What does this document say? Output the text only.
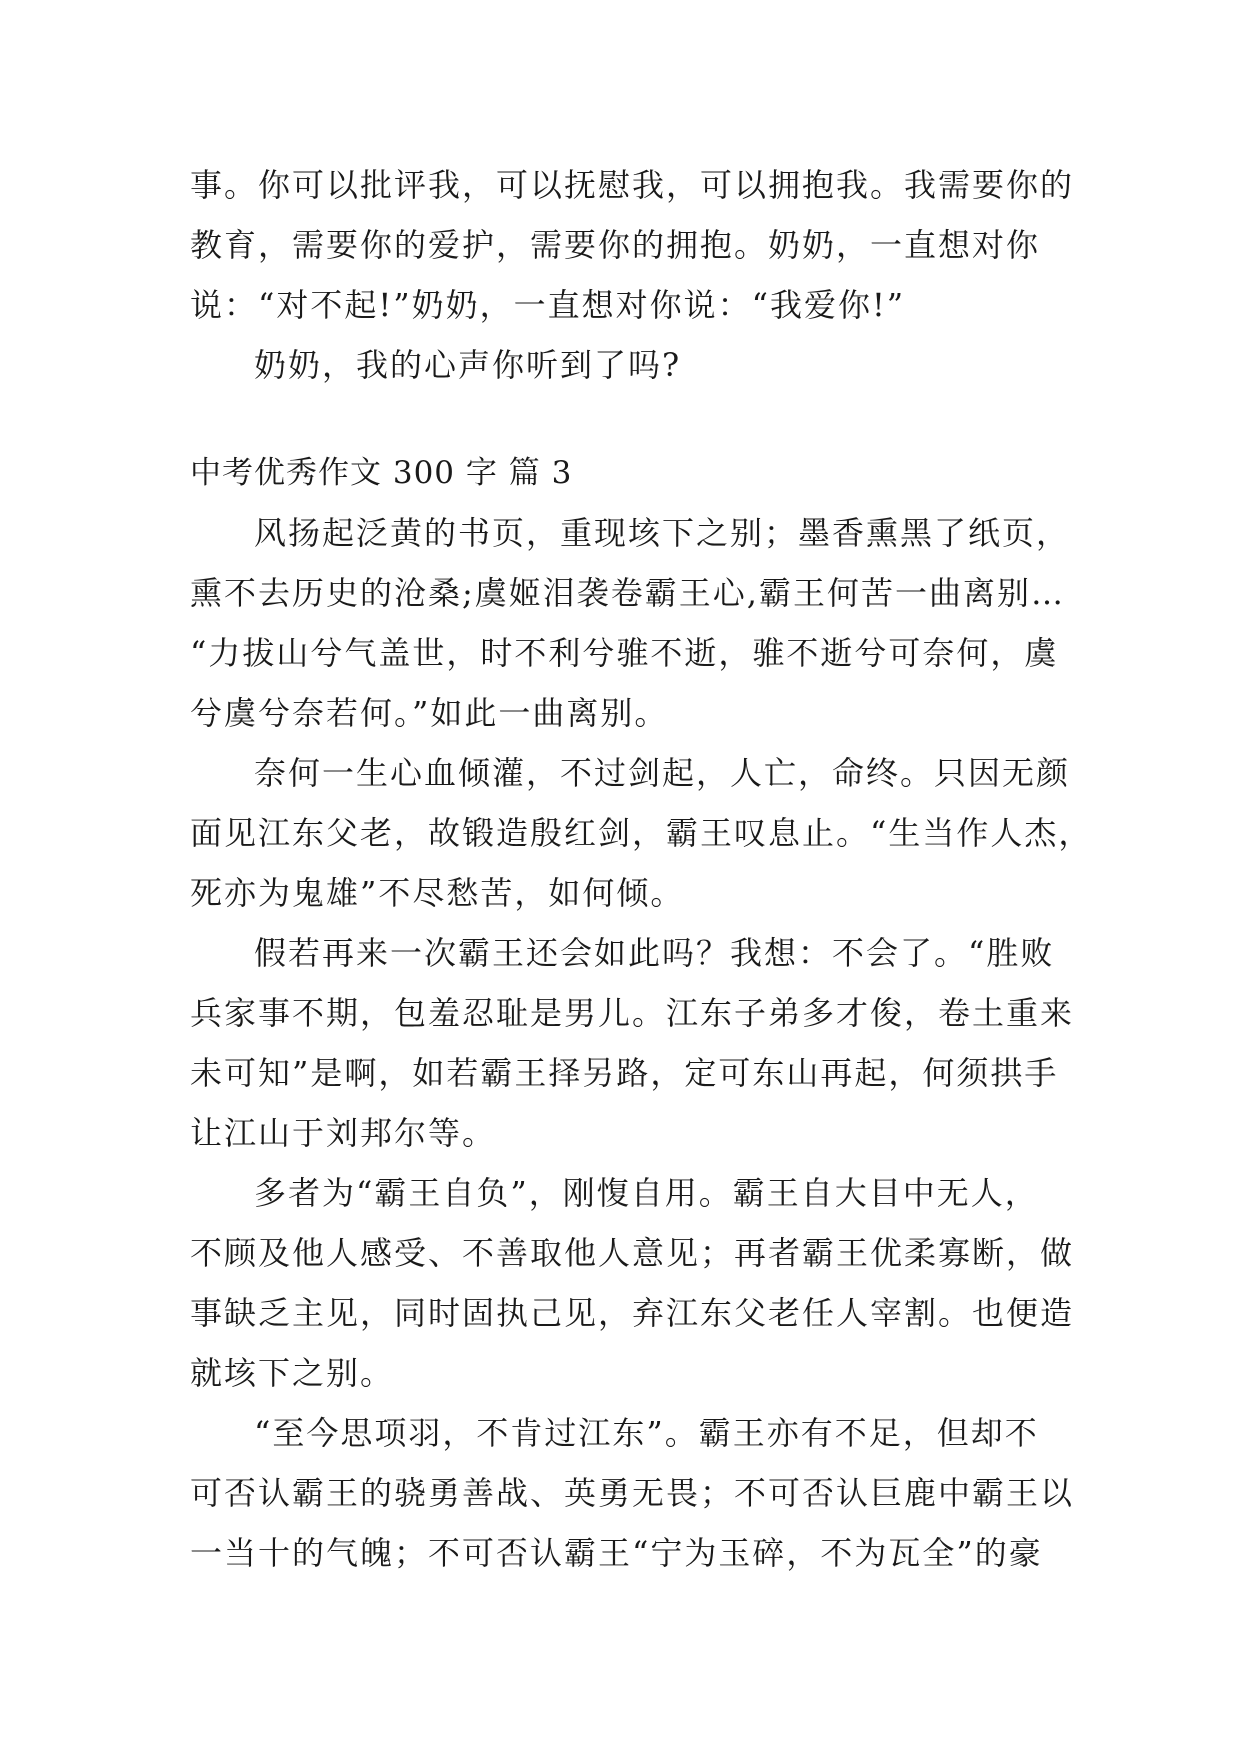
事。你可以批评我，可以抚慰我，可以拥抱我。我需要你的
教育，需要你的爱护，需要你的拥抱。奶奶，一直想对你
说：“对不起!”奶奶，一直想对你说：“我爱你!”
奶奶，我的心声你听到了吗?
中考优秀作文 300 字 篇 3
风扬起泛黄的书页，重现垓下之别；墨香熏黑了纸页，
熏不去历史的沧桑;虞姬泪袭卷霸王心,霸王何苦一曲离别…
“力拔山兮气盖世，时不利兮骓不逝，骓不逝兮可奈何，虞
兮虞兮奈若何。”如此一曲离别。
奈何一生心血倾灌，不过剑起，人亡，命终。只因无颜
面见江东父老，故锻造殷红剑，霸王叹息止。“生当作人杰，
死亦为鬼雄”不尽愁苦，如何倾。
假若再来一次霸王还会如此吗？我想：不会了。“胜败
兵家事不期，包羞忍耻是男儿。江东子弟多才俊，卷土重来
未可知”是啊，如若霸王择另路，定可东山再起，何须拱手
让江山于刘邦尔等。
多者为“霸王自负”，刚愎自用。霸王自大目中无人，
不顾及他人感受、不善取他人意见；再者霸王优柔寡断，做
事缺乏主见，同时固执己见，弃江东父老任人宰割。也便造
就垓下之别。
“至今思项羽，不肯过江东”。霸王亦有不足，但却不
可否认霸王的骁勇善战、英勇无畏；不可否认巨鹿中霸王以
一当十的气魄；不可否认霸王“宁为玉碎，不为瓦全”的豪
